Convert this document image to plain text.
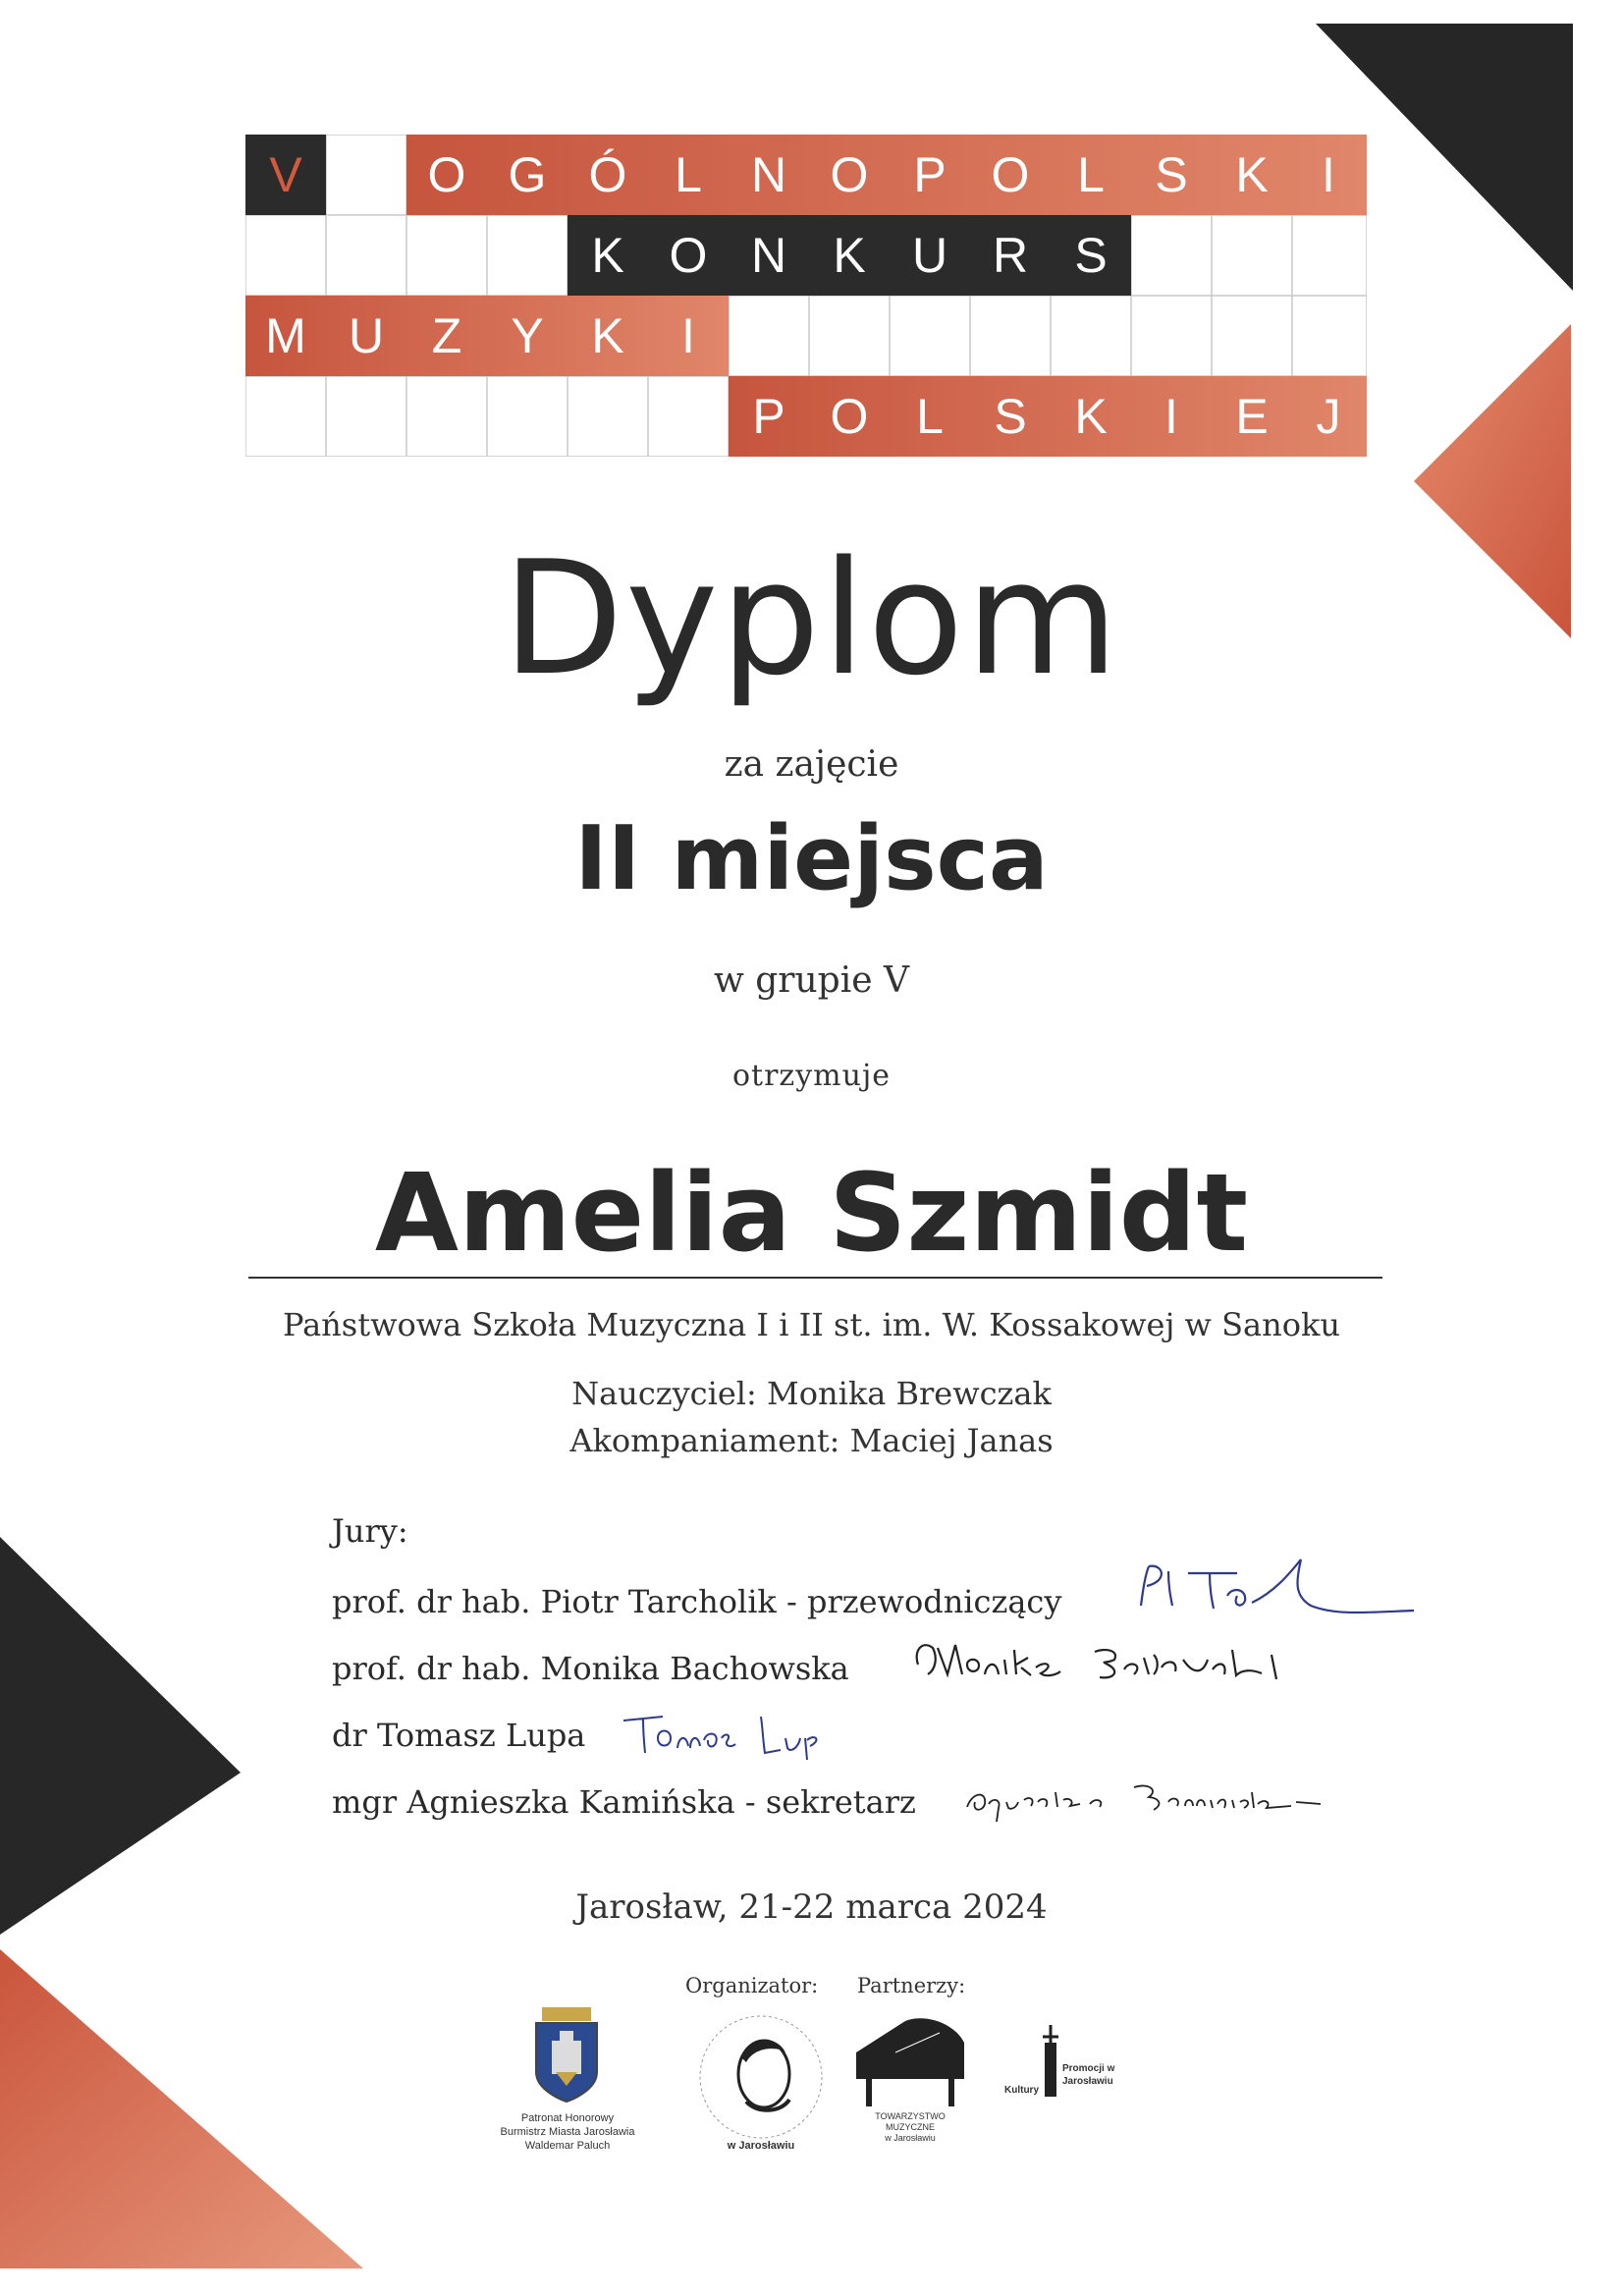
V	O G Ó L	N O P O L	S K	I
K O N K U R S
M U Z	Y K	I
P O L	S K	I	E J
Dyplom
za zajęcie
II miejsca
w grupie V
otrzymuje
Amelia Szmidt
Państwowa Szkoła Muzyczna I i II st. im. W. Kossakowej w Sanoku
Nauczyciel: Monika Brewczak
Akompaniament: Maciej Janas
Jury:
prof. dr hab. Piotr Tarcholik - przewodniczący
prof. dr hab. Monika Bachowska
dr Tomasz Lupa
mgr Agnieszka Kamińska - sekretarz
Jarosław, 21-22 marca 2024
Organizator: Partnerzy:
Patronat Honorowy
Burmistrz Miasta Jarosławia
Waldemar Paluch	w Jarosławiu
TOWARZYSTWO
MUZYCZNE
w Jarosławiu
Promocji w Jarosławiu
Kultury
